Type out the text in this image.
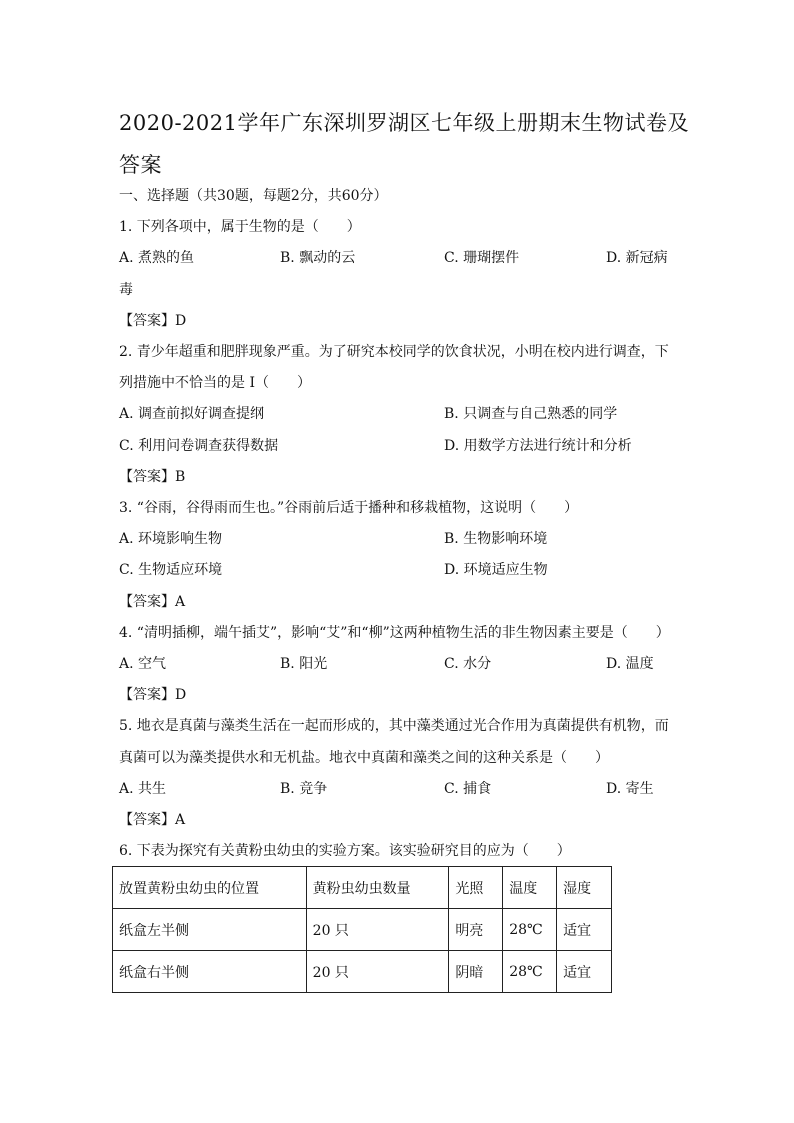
2020-2021学年广东深圳罗湖区七年级上册期末生物试卷及答案
一、选择题（共30题，每题2分，共60分）
1. 下列各项中，属于生物的是（　　）
A. 煮熟的鱼	B. 飘动的云	C. 珊瑚摆件	D. 新冠病
毒
【答案】D
2. 青少年超重和肥胖现象严重。为了研究本校同学的饮食状况，小明在校内进行调查，下
列措施中不恰当的是 I（　　）
A. 调查前拟好调查提纲	B. 只调查与自己熟悉的同学
C. 利用问卷调查获得数据	D. 用数学方法进行统计和分析
【答案】B
3. “谷雨，谷得雨而生也。”谷雨前后适于播种和移栽植物，这说明（　　）
A. 环境影响生物	B. 生物影响环境
C. 生物适应环境	D. 环境适应生物
【答案】A
4. “清明插柳，端午插艾”，影响“艾”和“柳”这两种植物生活的非生物因素主要是（　　）
A. 空气	B. 阳光	C. 水分	D. 温度
【答案】D
5. 地衣是真菌与藻类生活在一起而形成的，其中藻类通过光合作用为真菌提供有机物，而
真菌可以为藻类提供水和无机盐。地衣中真菌和藻类之间的这种关系是（　　）
A. 共生	B. 竞争	C. 捕食	D. 寄生
【答案】A
6. 下表为探究有关黄粉虫幼虫的实验方案。该实验研究目的应为（　　）
放置黄粉虫幼虫的位置	黄粉虫幼虫数量	光照	温度	湿度
纸盒左半侧	20 只	明亮	28℃	适宜
纸盒右半侧	20 只	阴暗	28℃	适宜
